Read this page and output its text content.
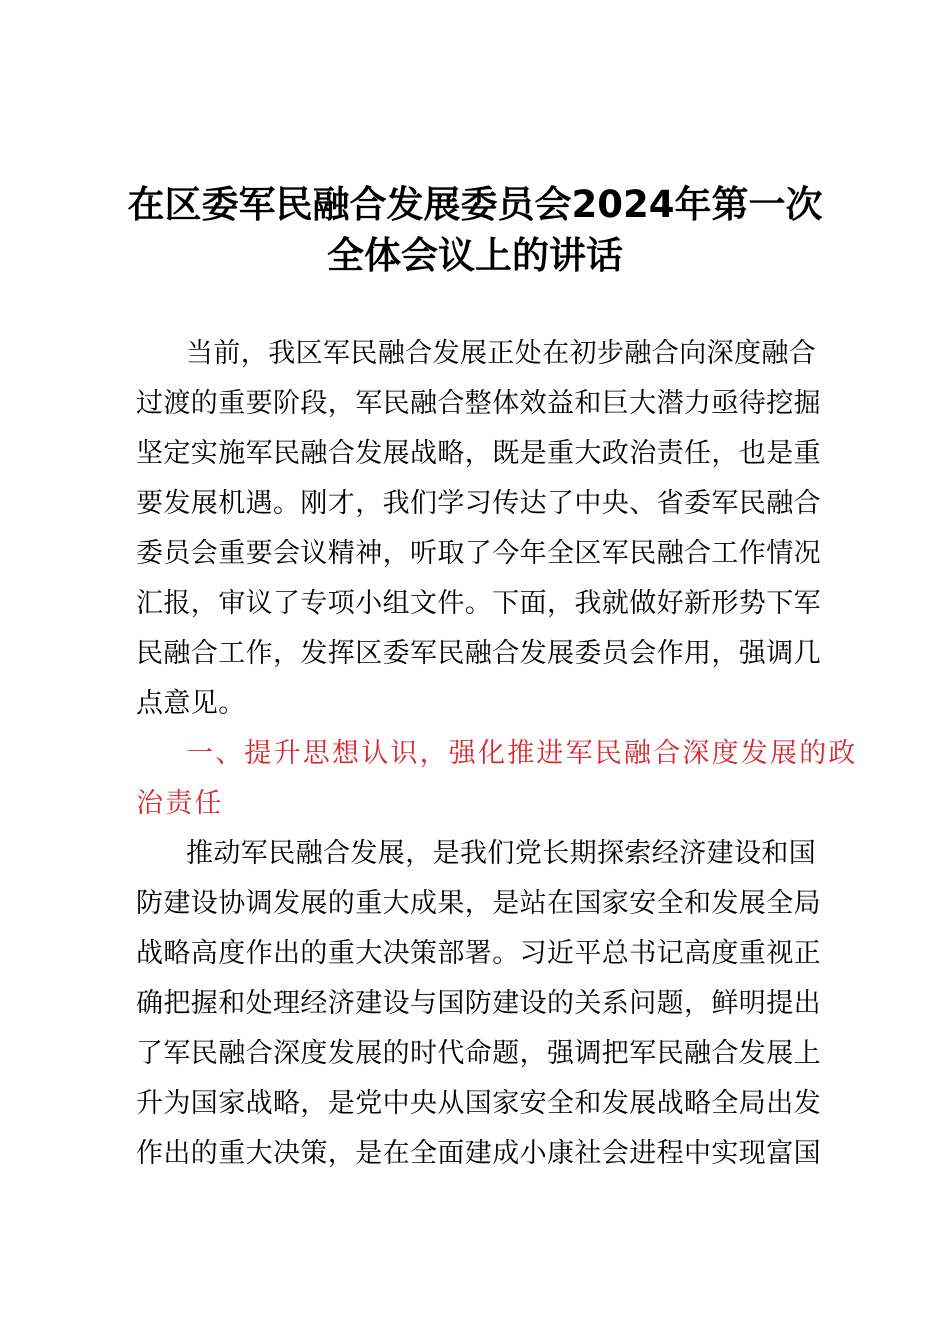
在区委军民融合发展委员会2024年第一次
全体会议上的讲话
当前，我区军民融合发展正处在初步融合向深度融合
过渡的重要阶段，军民融合整体效益和巨大潜力亟待挖掘
坚定实施军民融合发展战略，既是重大政治责任，也是重
要发展机遇。刚才，我们学习传达了中央、省委军民融合
委员会重要会议精神，听取了今年全区军民融合工作情况
汇报，审议了专项小组文件。下面，我就做好新形势下军
民融合工作，发挥区委军民融合发展委员会作用，强调几
点意见。
一、提升思想认识，强化推进军民融合深度发展的政
治责任
推动军民融合发展，是我们党长期探索经济建设和国
防建设协调发展的重大成果，是站在国家安全和发展全局
战略高度作出的重大决策部署。习近平总书记高度重视正
确把握和处理经济建设与国防建设的关系问题，鲜明提出
了军民融合深度发展的时代命题，强调把军民融合发展上
升为国家战略，是党中央从国家安全和发展战略全局出发
作出的重大决策，是在全面建成小康社会进程中实现富国
